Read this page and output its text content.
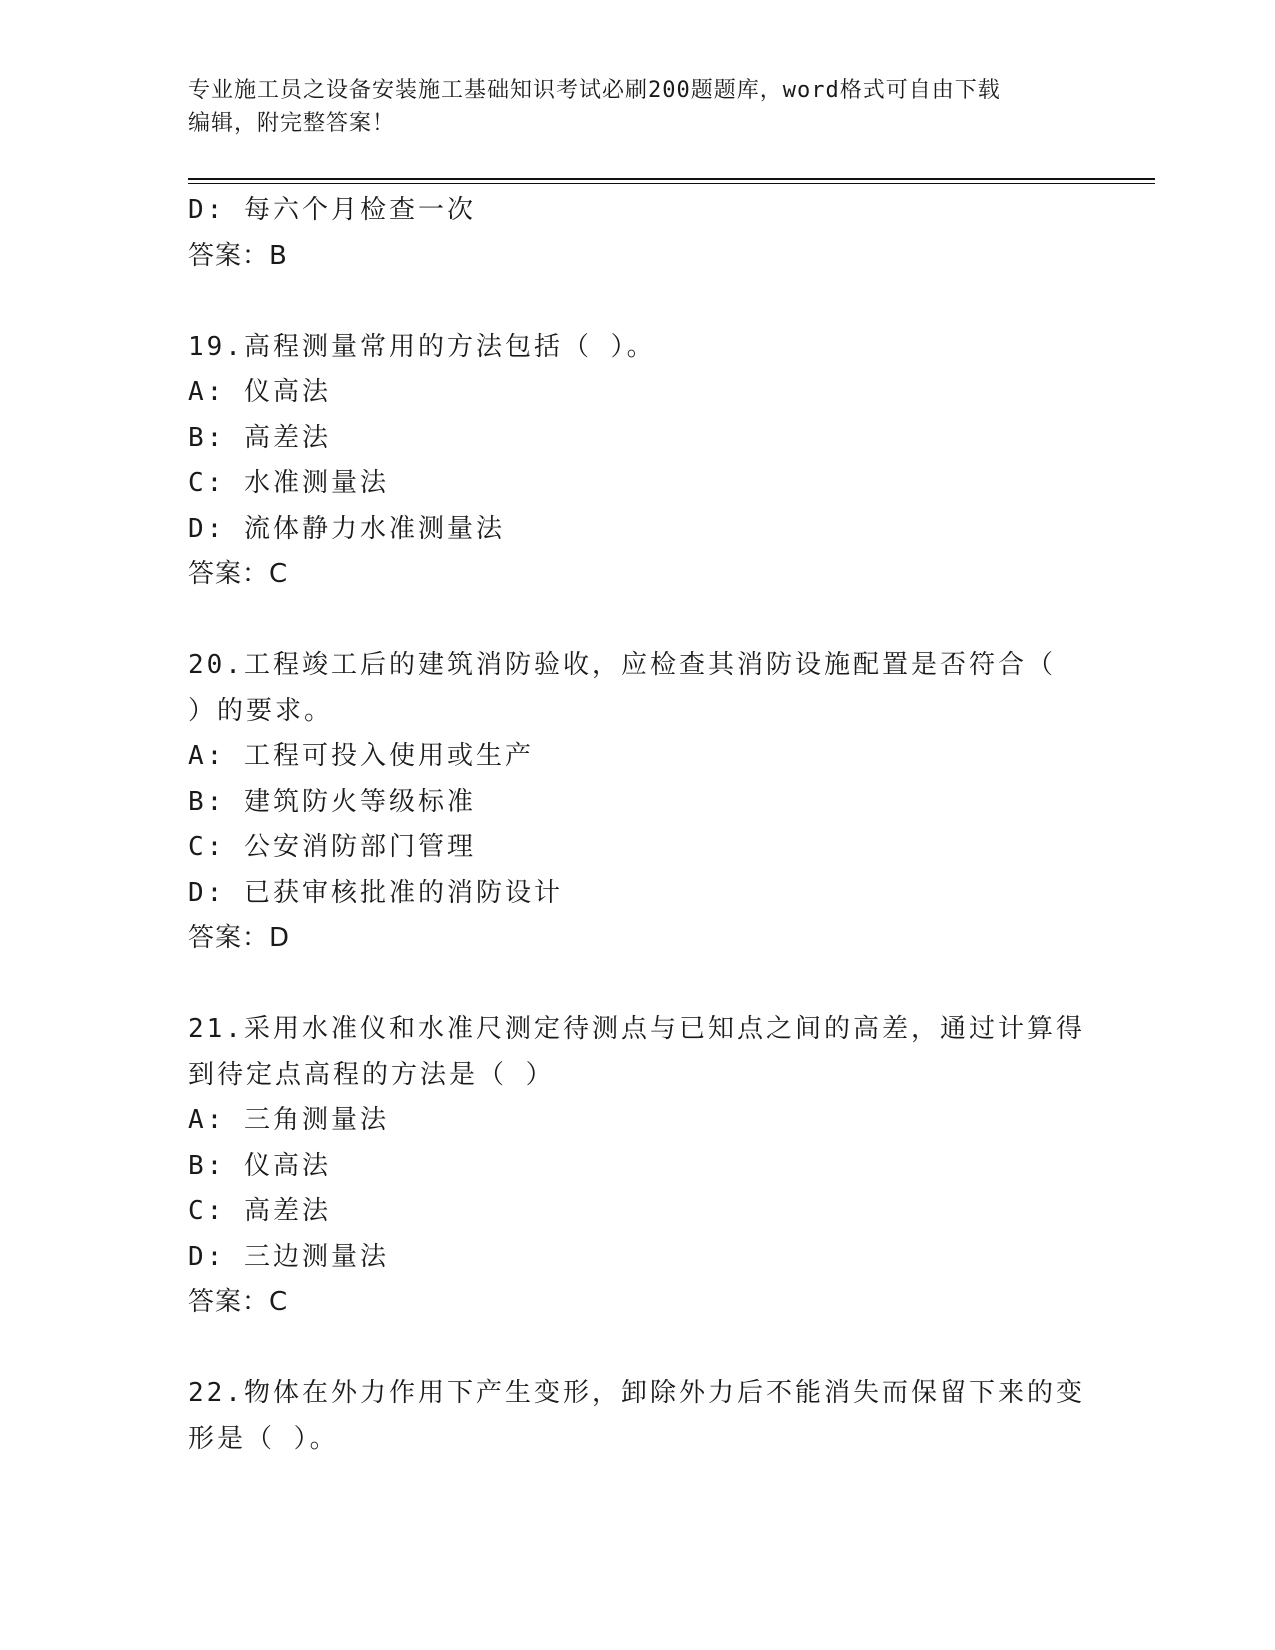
专业施工员之设备安装施工基础知识考试必刷200题题库，word格式可自由下载
编辑，附完整答案！
D: 每六个月检查一次
答案：B
19.高程测量常用的方法包括（ ）。
A: 仪高法
B: 高差法
C: 水准测量法
D: 流体静力水准测量法
答案：C
20.工程竣工后的建筑消防验收，应检查其消防设施配置是否符合（
）的要求。
A: 工程可投入使用或生产
B: 建筑防火等级标准
C: 公安消防部门管理
D: 已获审核批准的消防设计
答案：D
21.采用水准仪和水准尺测定待测点与已知点之间的高差，通过计算得
到待定点高程的方法是（ ）
A: 三角测量法
B: 仪高法
C: 高差法
D: 三边测量法
答案：C
22.物体在外力作用下产生变形，卸除外力后不能消失而保留下来的变
形是（ ）。
